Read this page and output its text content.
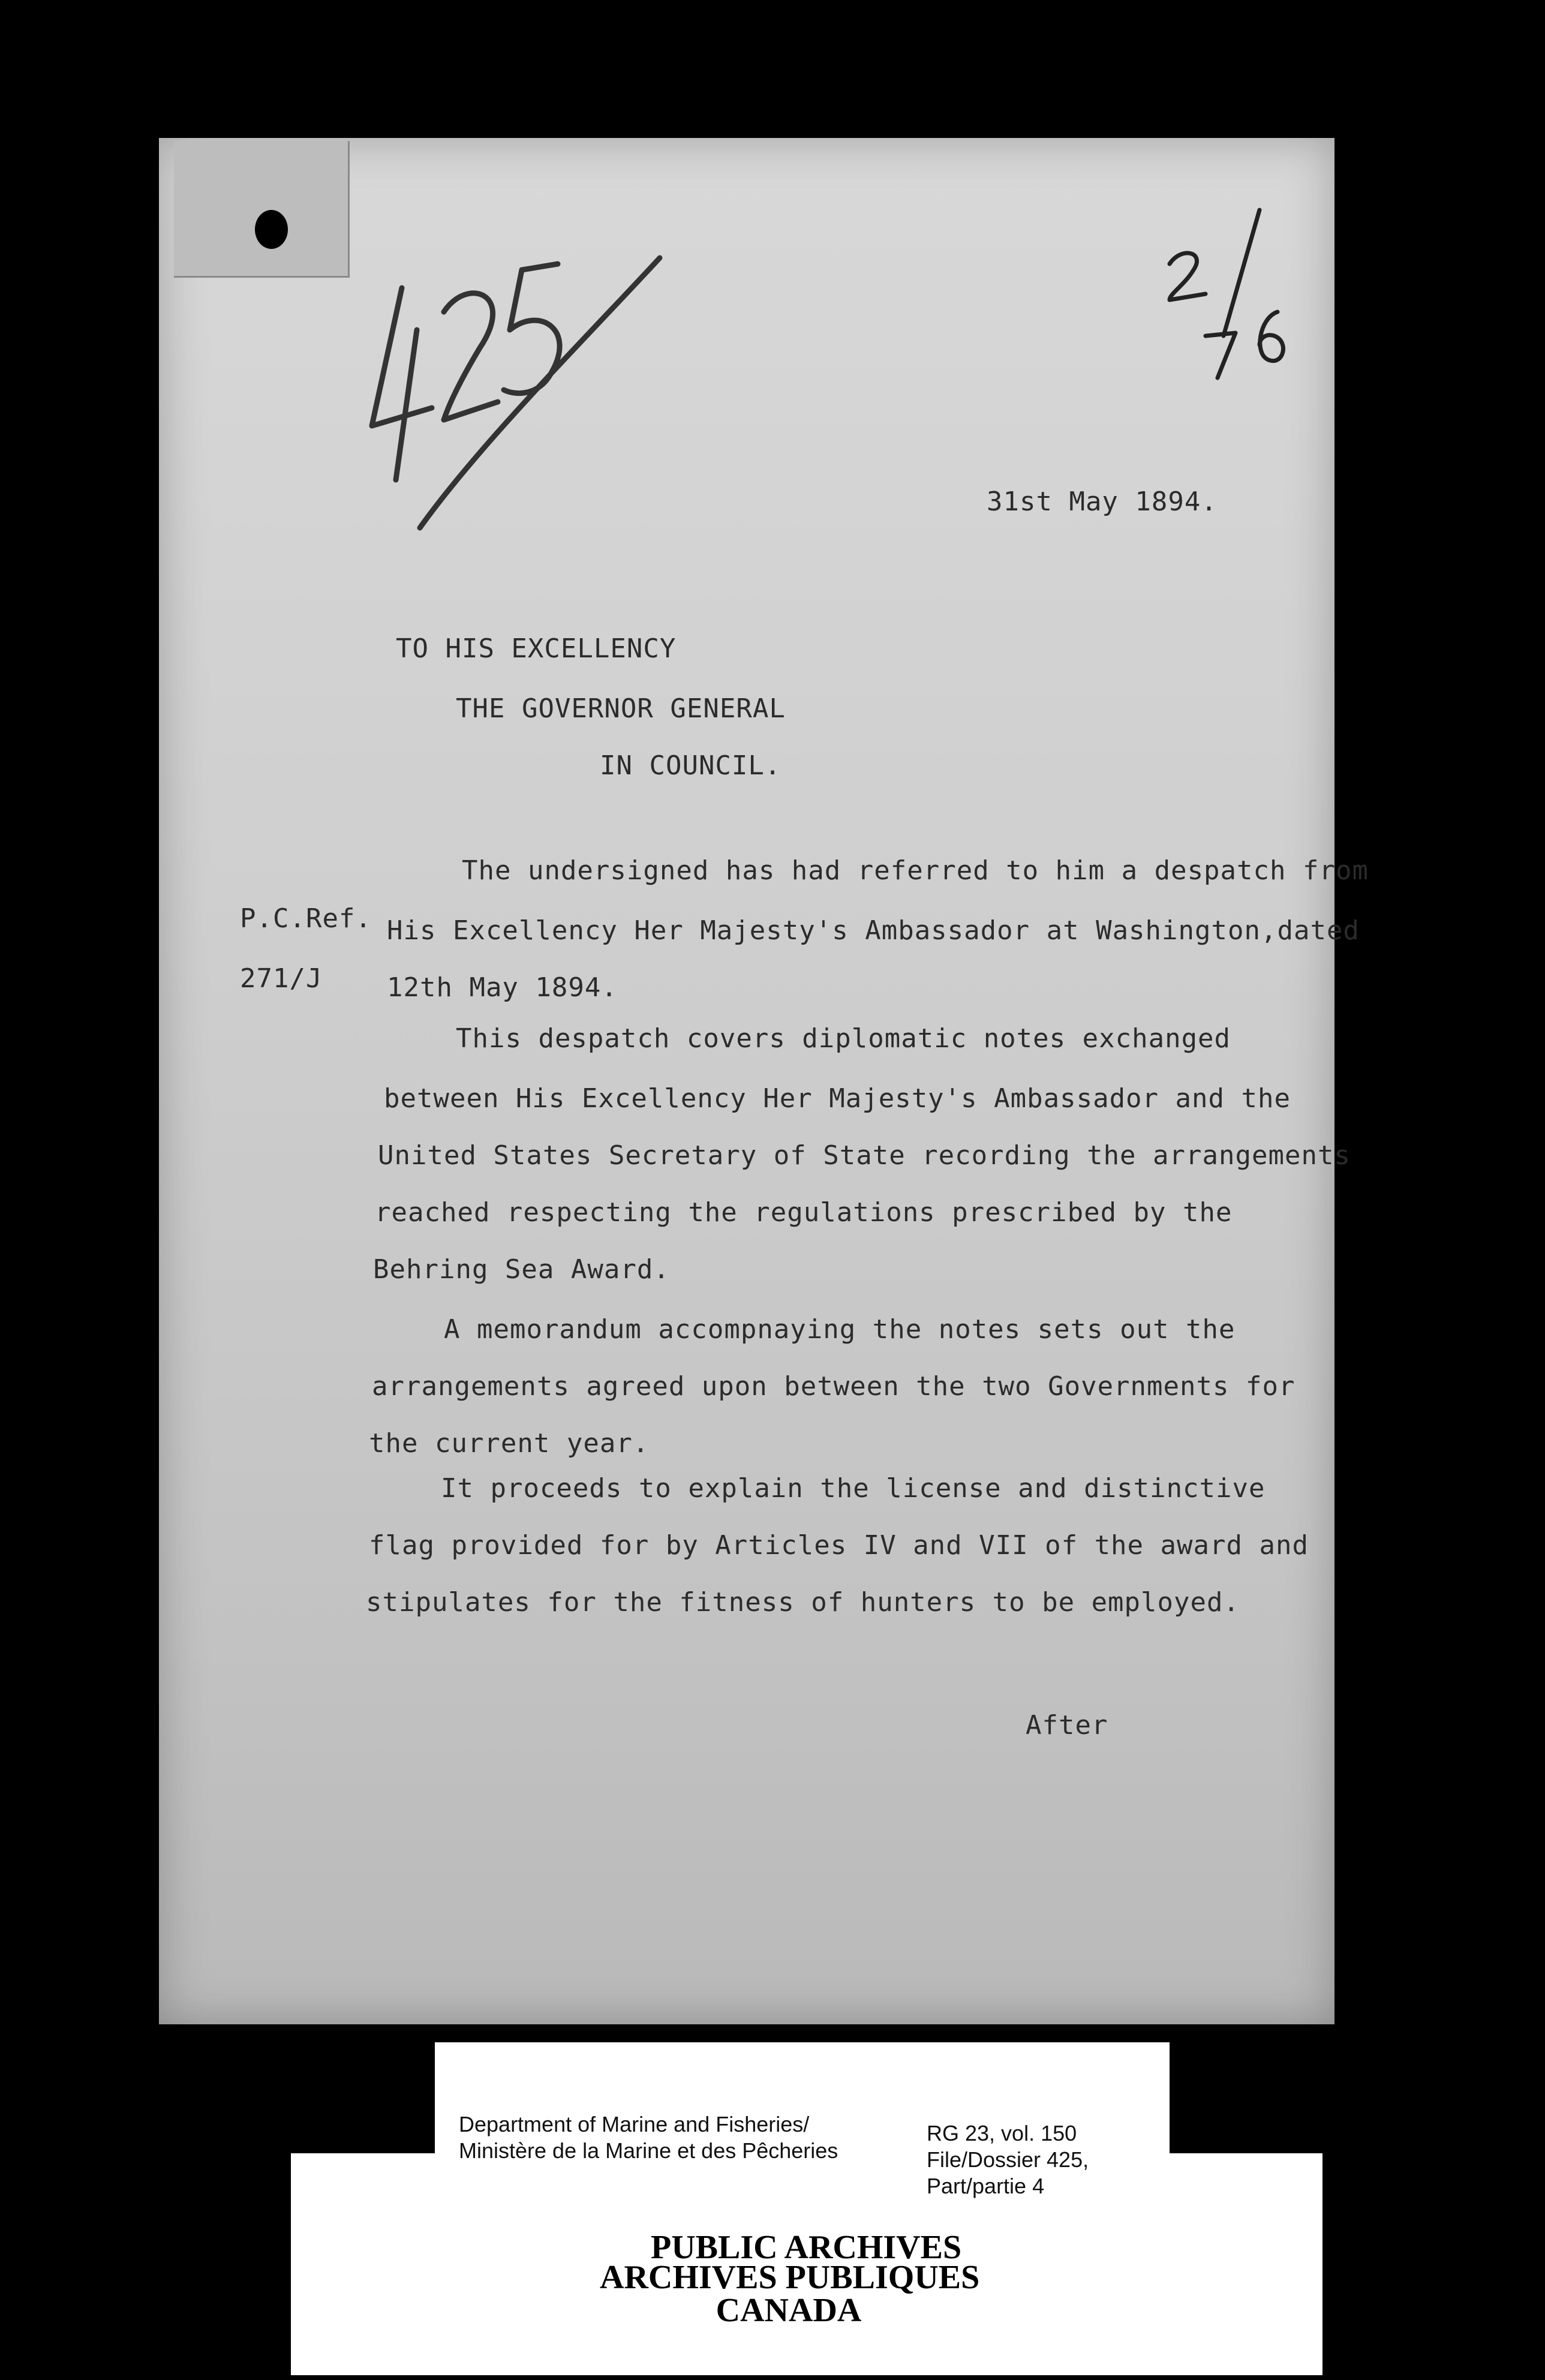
31st May 1894.
TO HIS EXCELLENCY
THE GOVERNOR GENERAL
IN COUNCIL.
P.C.Ref.
271/J
The undersigned has had referred to him a despatch from
His Excellency Her Majesty's Ambassador at Washington,dated
12th May 1894.
This despatch covers diplomatic notes exchanged
between His Excellency Her Majesty's Ambassador and the
United States Secretary of State recording the arrangements
reached respecting the regulations prescribed by the
Behring Sea Award.
A memorandum accompnaying the notes sets out the
arrangements agreed upon between the two Governments for
the current year.
It proceeds to explain the license and distinctive
flag provided for by Articles IV and VII of the award and
stipulates for the fitness of hunters to be employed.
After
Department of Marine and Fisheries/
Ministère de la Marine et des Pêcheries
RG 23, vol. 150
File/Dossier 425,
Part/partie 4
PUBLIC ARCHIVES
ARCHIVES PUBLIQUES
CANADA
